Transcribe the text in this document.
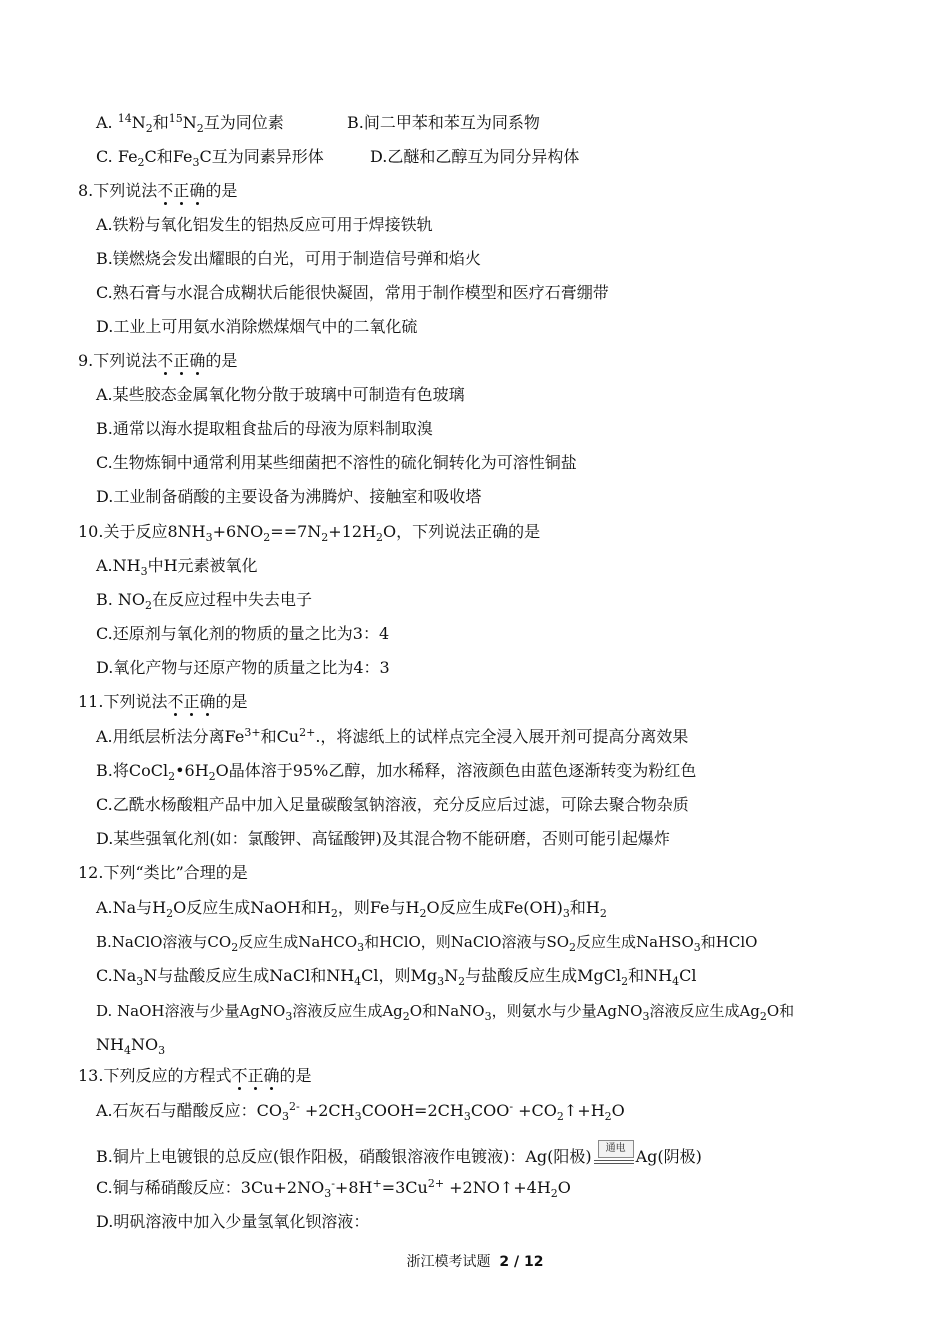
A. $^{14}N_2$和$^{15}N_2$互为同位素	B.间二甲苯和苯互为同系物
C. $Fe_2C$和$Fe_3C$互为同素异形体	D.乙醚和乙醇互为同分异构体
8.下列说法不正确的是
A.铁粉与氧化铝发生的铝热反应可用于焊接铁轨
B.镁燃烧会发出耀眼的白光，可用于制造信号弹和焰火
C.熟石膏与水混合成糊状后能很快凝固，常用于制作模型和医疗石膏绷带
D.工业上可用氨水消除燃煤烟气中的二氧化硫
9.下列说法不正确的是
A.某些胶态金属氧化物分散于玻璃中可制造有色玻璃
B.通常以海水提取粗食盐后的母液为原料制取溴
C.生物炼铜中通常利用某些细菌把不溶性的硫化铜转化为可溶性铜盐
D.工业制备硝酸的主要设备为沸腾炉、接触室和吸收塔
10.关于反应$8NH_3+6NO_2==7N_2+12H_2O$，下列说法正确的是
$A.NH_3$中H元素被氧化
B. $NO_2$在反应过程中失去电子
C.还原剂与氧化剂的物质的量之比为3：4
D.氧化产物与还原产物的质量之比为4：3
11.下列说法不正确的是
A.用纸层析法分离$Fe^{3+}$和$Cu^{2+}$.，将滤纸上的试样点完全浸入展开剂可提高分离效果
B.将$CoCl_2•6H_2O$晶体溶于95%乙醇，加水稀释，溶液颜色由蓝色逐渐转变为粉红色
C.乙酰水杨酸粗产品中加入足量碳酸氢钠溶液，充分反应后过滤，可除去聚合物杂质
D.某些强氧化剂(如：氯酸钾、高锰酸钾)及其混合物不能研磨，否则可能引起爆炸
12.下列“类比”合理的是
A.Na与$H_2O$反应生成NaOH和$H_2$，则Fe与$H_2O$反应生成$Fe(OH)_3$和$H_2$
B.NaClO溶液与$CO_2$反应生成NaHCO$_3$和HClO，则NaClO溶液与$SO_2$反应生成NaHSO$_3$和HClO
$C.Na_3N$与盐酸反应生成NaCl和$NH_4Cl$，则$Mg_3N_2$与盐酸反应生成MgCl$_2$和$NH_4Cl$
D. NaOH溶液与少量AgNO$_3$溶液反应生成$Ag_2O$和NaNO$_3$，则氨水与少量AgNO$_3$溶液反应生成$Ag_2O$和
$NH_4NO_3$
13.下列反应的方程式不正确的是
A.石灰石与醋酸反应：$CO_3^{2-}$ $+2CH_3COOH=2CH_3COO^-$ $+CO_2↑+H_2O$
B.铜片上电镀银的总反应(银作阳极，硝酸银溶液作电镀液)：Ag(阳极)	通电 Ag(阴极)
C.铜与稀硝酸反应：$3Cu+2NO_3^-+8H^+=3Cu^{2+}$ $+2NO↑+4H_2O$
D.明矾溶液中加入少量氢氧化钡溶液：
浙江模考试题 2 / 12
